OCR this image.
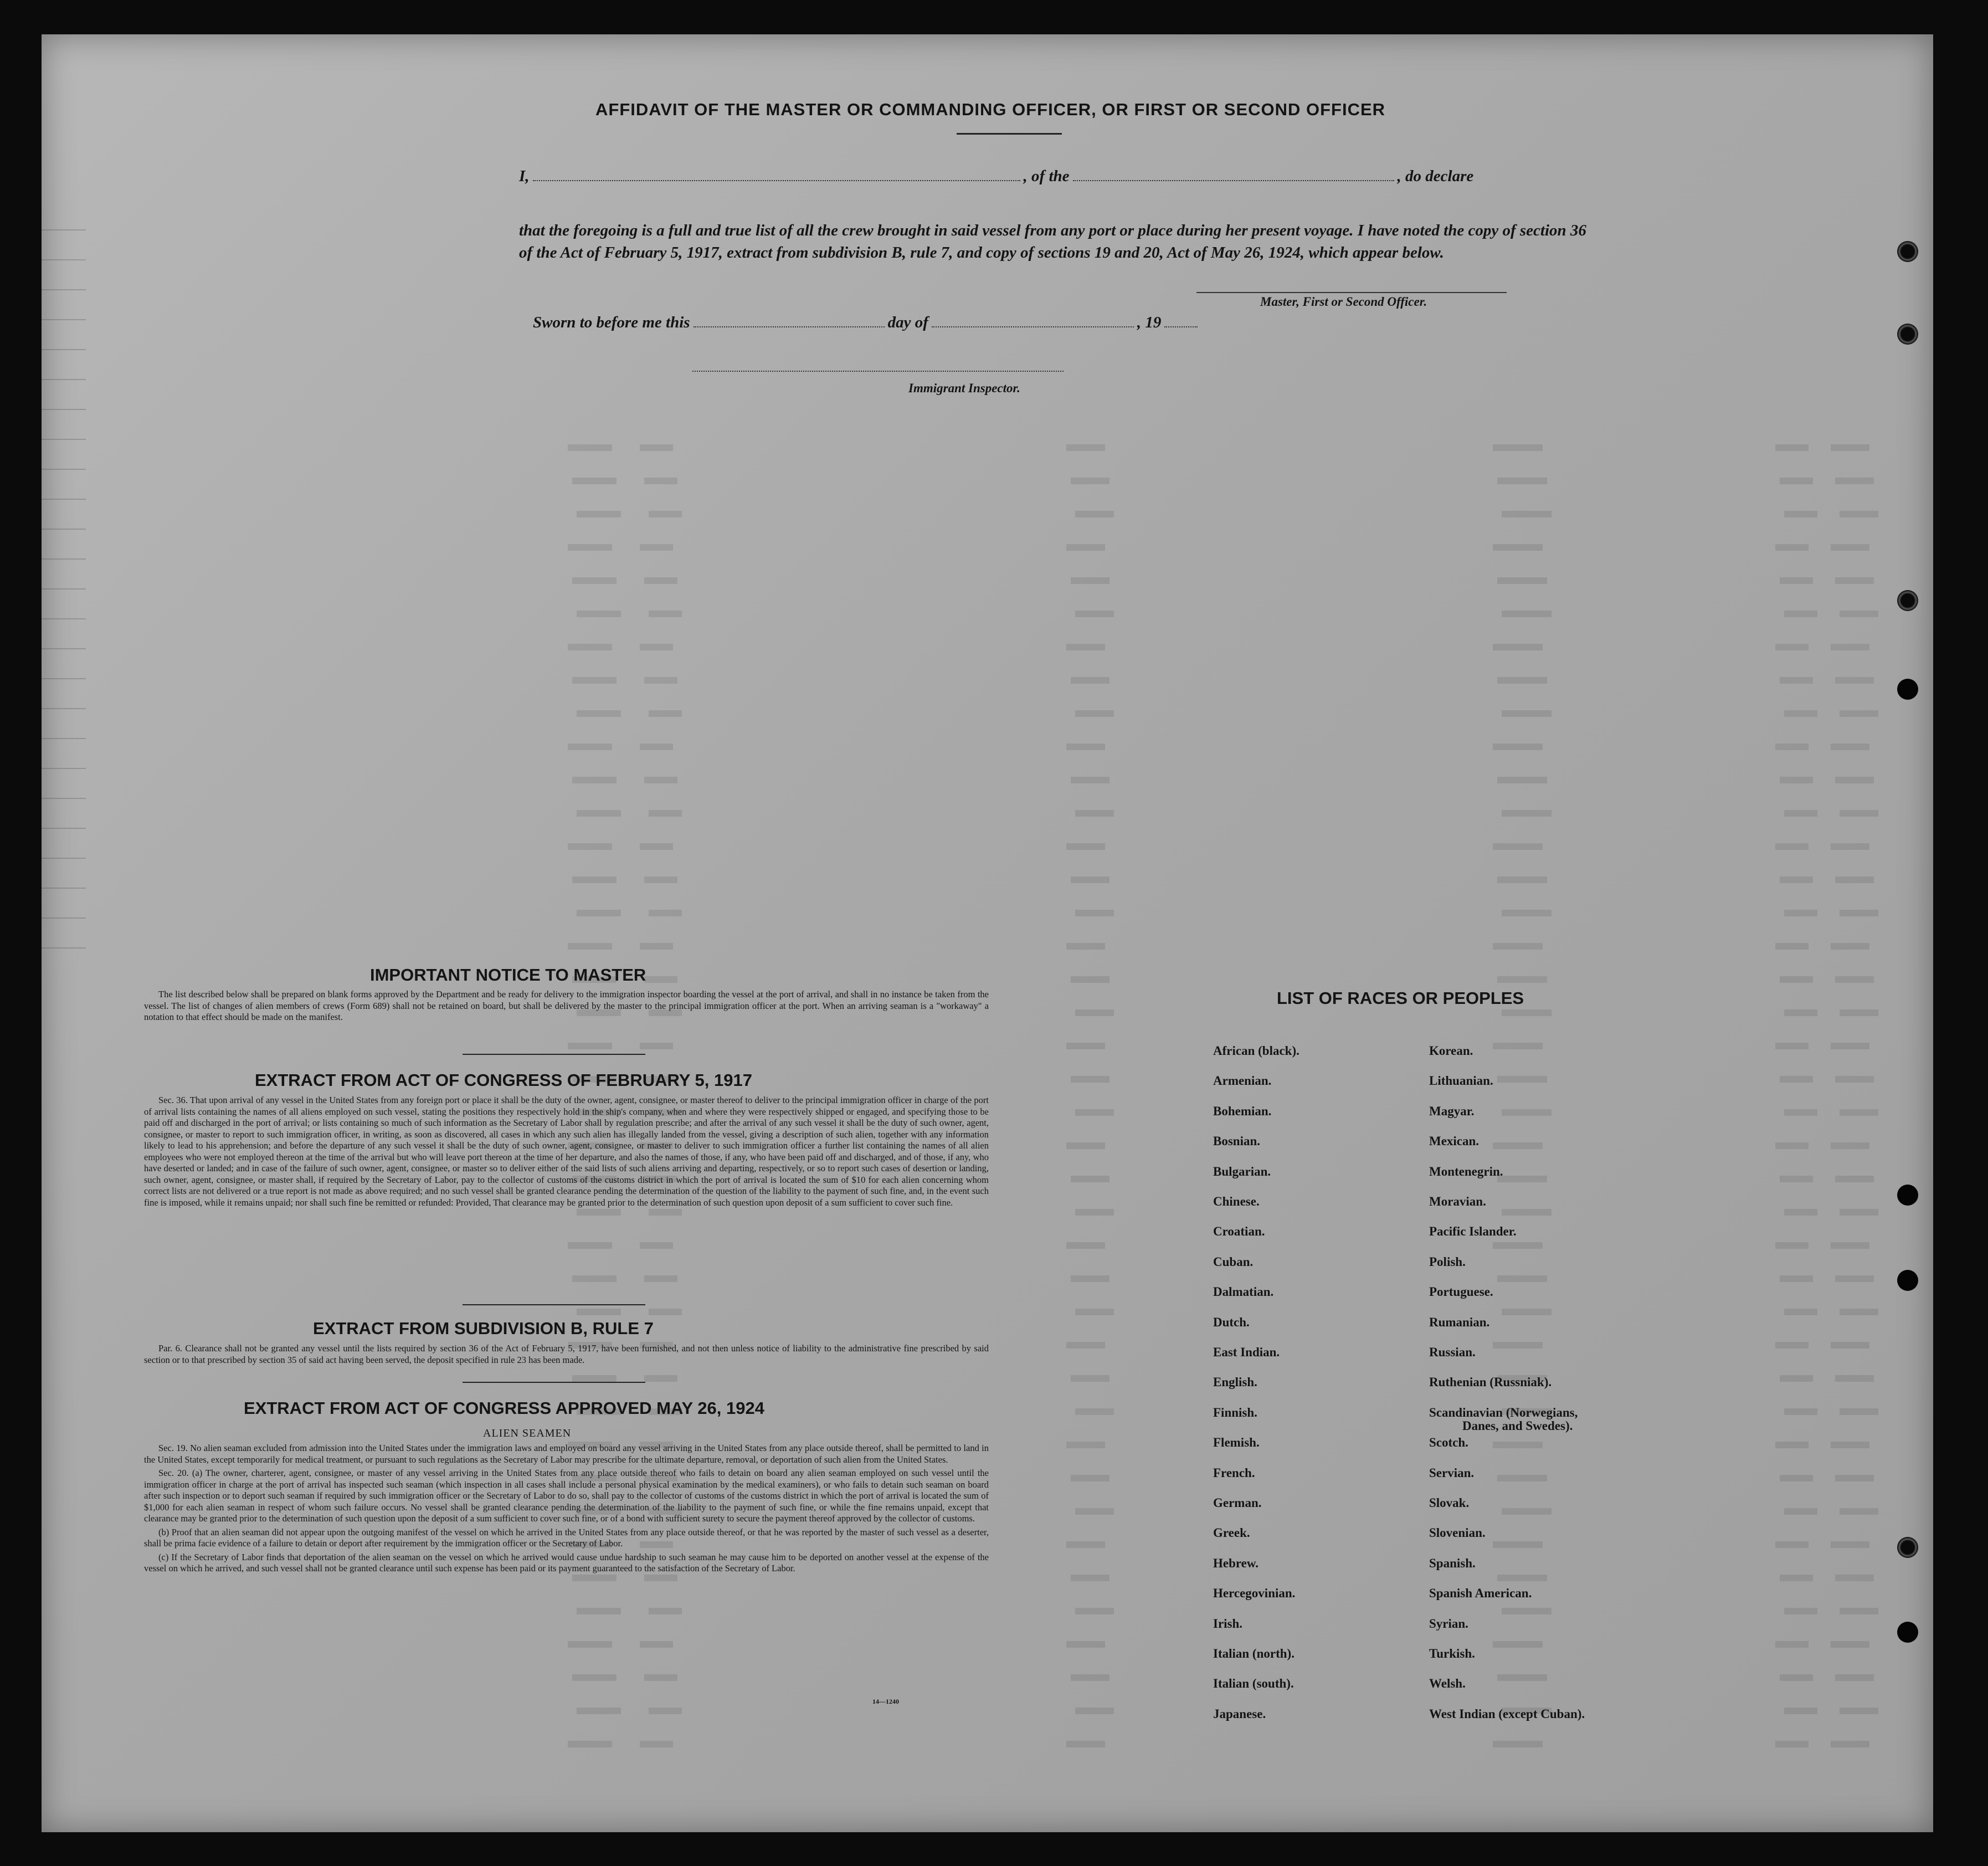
AFFIDAVIT OF THE MASTER OR COMMANDING OFFICER, OR FIRST OR SECOND OFFICER
I,	, of the	, do declare
that the foregoing is a full and true list of all the crew brought in said vessel from any port or place during her present voyage. I have noted the copy of section 36 of the Act of February 5, 1917, extract from subdivision B, rule 7, and copy of sections 19 and 20, Act of May 26, 1924, which appear below.
Master, First or Second Officer.
Sworn to before me this	day of	, 19
Immigrant Inspector.
IMPORTANT NOTICE TO MASTER

The list described below shall be prepared on blank forms approved by the Department and be ready for delivery to the immigration inspector boarding the vessel at the port of arrival, and shall in no instance be taken from the vessel. The list of changes of alien members of crews (Form 689) shall not be retained on board, but shall be delivered by the master to the principal immigration officer at the port. When an arriving seaman is a "workaway" a notation to that effect should be made on the manifest.

EXTRACT FROM ACT OF CONGRESS OF FEBRUARY 5, 1917

Sec. 36. That upon arrival of any vessel in the United States from any foreign port or place it shall be the duty of the owner, agent, consignee, or master thereof to deliver to the principal immigration officer in charge of the port of arrival lists containing the names of all aliens employed on such vessel, stating the positions they respectively hold in the ship's company, when and where they were respectively shipped or engaged, and specifying those to be paid off and discharged in the port of arrival; or lists containing so much of such information as the Secretary of Labor shall by regulation prescribe; and after the arrival of any such vessel it shall be the duty of such owner, agent, consignee, or master to report to such immigration officer, in writing, as soon as discovered, all cases in which any such alien has illegally landed from the vessel, giving a description of such alien, together with any information likely to lead to his apprehension; and before the departure of any such vessel it shall be the duty of such owner, agent, consignee, or master to deliver to such immigration officer a further list containing the names of all alien employees who were not employed thereon at the time of the arrival but who will leave port thereon at the time of her departure, and also the names of those, if any, who have been paid off and discharged, and of those, if any, who have deserted or landed; and in case of the failure of such owner, agent, consignee, or master so to deliver either of the said lists of such aliens arriving and departing, respectively, or so to report such cases of desertion or landing, such owner, agent, consignee, or master shall, if required by the Secretary of Labor, pay to the collector of customs of the customs district in which the port of arrival is located the sum of $10 for each alien concerning whom correct lists are not delivered or a true report is not made as above required; and no such vessel shall be granted clearance pending the determination of the question of the liability to the payment of such fine, and, in the event such fine is imposed, while it remains unpaid; nor shall such fine be remitted or refunded: Provided, That clearance may be granted prior to the determination of such question upon deposit of a sum sufficient to cover such fine.

EXTRACT FROM SUBDIVISION B, RULE 7

Par. 6. Clearance shall not be granted any vessel until the lists required by section 36 of the Act of February 5, 1917, have been furnished, and not then unless notice of liability to the administrative fine prescribed by said section or to that prescribed by section 35 of said act having been served, the deposit specified in rule 23 has been made.

EXTRACT FROM ACT OF CONGRESS APPROVED MAY 26, 1924
ALIEN SEAMEN

Sec. 19. No alien seaman excluded from admission into the United States under the immigration laws and employed on board any vessel arriving in the United States from any place outside thereof, shall be permitted to land in the United States, except temporarily for medical treatment, or pursuant to such regulations as the Secretary of Labor may prescribe for the ultimate departure, removal, or deportation of such alien from the United States.

Sec. 20. (a) The owner, charterer, agent, consignee, or master of any vessel arriving in the United States from any place outside thereof who fails to detain on board any alien seaman employed on such vessel until the immigration officer in charge at the port of arrival has inspected such seaman (which inspection in all cases shall include a personal physical examination by the medical examiners), or who fails to detain such seaman on board after such inspection or to deport such seaman if required by such immigration officer or the Secretary of Labor to do so, shall pay to the collector of customs of the customs district in which the port of arrival is located the sum of $1,000 for each alien seaman in respect of whom such failure occurs. No vessel shall be granted clearance pending the determination of the liability to the payment of such fine, or while the fine remains unpaid, except that clearance may be granted prior to the determination of such question upon the deposit of a sum sufficient to cover such fine, or of a bond with sufficient surety to secure the payment thereof approved by the collector of customs.

(b) Proof that an alien seaman did not appear upon the outgoing manifest of the vessel on which he arrived in the United States from any place outside thereof, or that he was reported by the master of such vessel as a deserter, shall be prima facie evidence of a failure to detain or deport after requirement by the immigration officer or the Secretary of Labor.

(c) If the Secretary of Labor finds that deportation of the alien seaman on the vessel on which he arrived would cause undue hardship to such seaman he may cause him to be deported on another vessel at the expense of the vessel on which he arrived, and such vessel shall not be granted clearance until such expense has been paid or its payment guaranteed to the satisfaction of the Secretary of Labor.

14—1240
LIST OF RACES OR PEOPLES
African (black).
Armenian.
Bohemian.
Bosnian.
Bulgarian.
Chinese.
Croatian.
Cuban.
Dalmatian.
Dutch.
East Indian.
English.
Finnish.
Flemish.
French.
German.
Greek.
Hebrew.
Hercegovinian.
Irish.
Italian (north).
Italian (south).
Japanese.
Korean.
Lithuanian.
Magyar.
Mexican.
Montenegrin.
Moravian.
Pacific Islander.
Polish.
Portuguese.
Rumanian.
Russian.
Ruthenian (Russniak).
Scandinavian (Norwegians,
Danes, and Swedes).
Scotch.
Servian.
Slovak.
Slovenian.
Spanish.
Spanish American.
Syrian.
Turkish.
Welsh.
West Indian (except Cuban).
